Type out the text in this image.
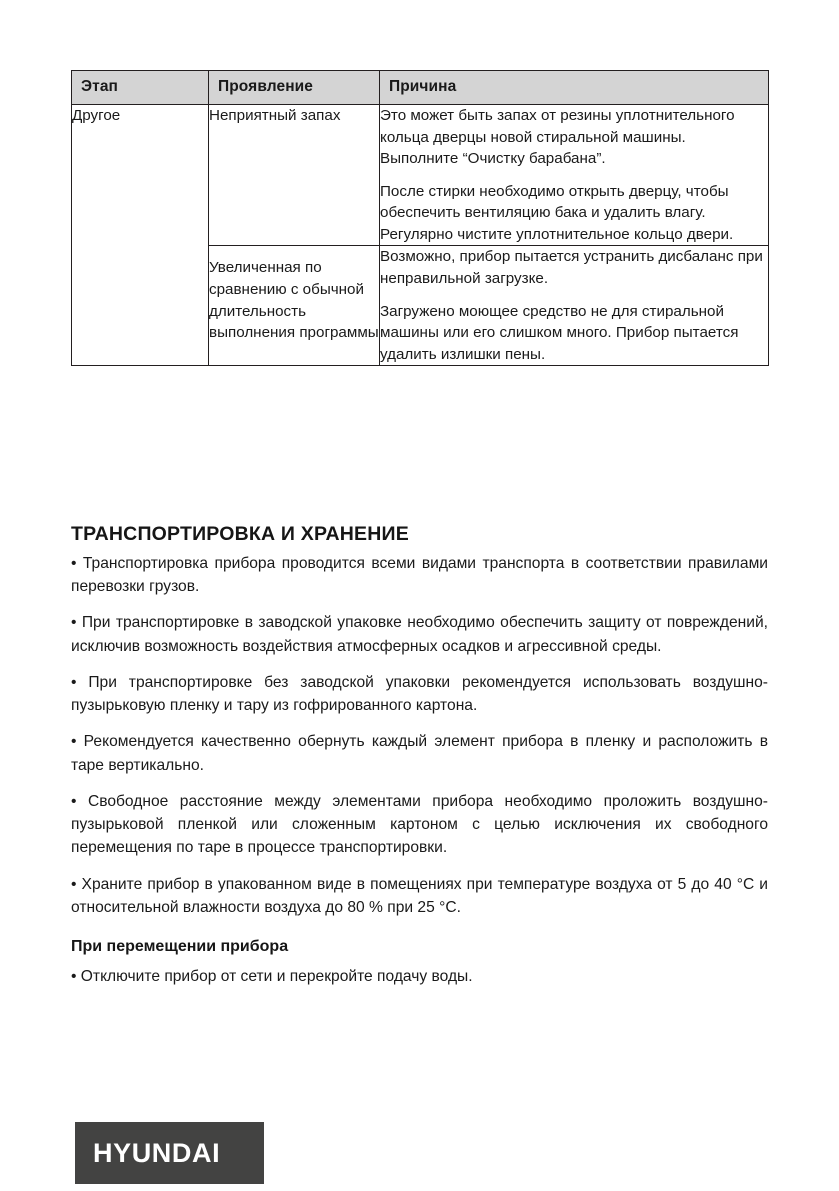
Этап	Проявление	Причина
Другое	Неприятный запах	Это может быть запах от резины уплотнительного кольца дверцы новой стиральной машины. Выполните “Очистку барабана”.

После стирки необходимо открыть дверцу, чтобы обеспечить вентиляцию бака и удалить влагу. Регулярно чистите уплотнительное кольцо двери.

	Увеличенная по сравнению с обычной длительность выполнения программы	Возможно, прибор пытается устранить дисбаланс при неправильной загрузке.

Загружено моющее средство не для стиральной машины или его слишком много. Прибор пытается удалить излишки пены.

ТРАНСПОРТИРОВКА И ХРАНЕНИЕ

• Транспортировка прибора проводится всеми видами транспорта в соответствии правилами перевозки грузов.

• При транспортировке в заводской упаковке необходимо обеспечить защиту от повреждений, исключив возможность воздействия атмосферных осадков и агрессивной среды.

• При транспортировке без заводской упаковки рекомендуется использовать воздушно-пузырьковую пленку и тару из гофрированного картона.

• Рекомендуется качественно обернуть каждый элемент прибора в пленку и расположить в таре вертикально.

• Свободное расстояние между элементами прибора необходимо проложить воздушно-пузырьковой пленкой или сложенным картоном с целью исключения их свободного перемещения по таре в процессе транспортировки.

• Храните прибор в упакованном виде в помещениях при температуре воздуха от 5 до 40 °C и относительной влажности воздуха до 80 % при 25 °C.

При перемещении прибора

• Отключите прибор от сети и перекройте подачу воды.

HYUNDAI
